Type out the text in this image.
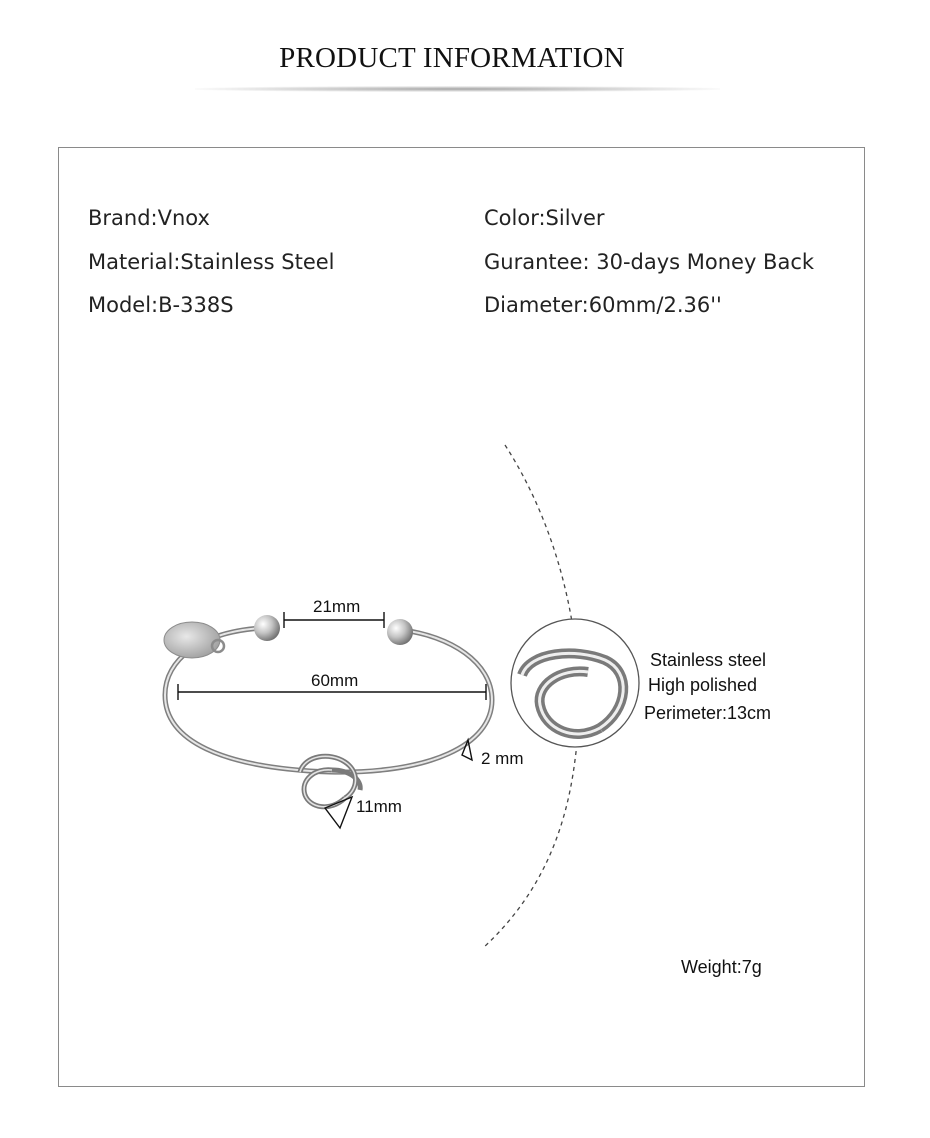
PRODUCT INFORMATION
Brand:Vnox
Material:Stainless Steel
Model:B-338S
Color:Silver
Gurantee: 30-days Money Back
Diameter:60mm/2.36''
21mm
60mm
2 mm
11mm
Stainless steel
High polished
Perimeter:13cm
Weight:7g
